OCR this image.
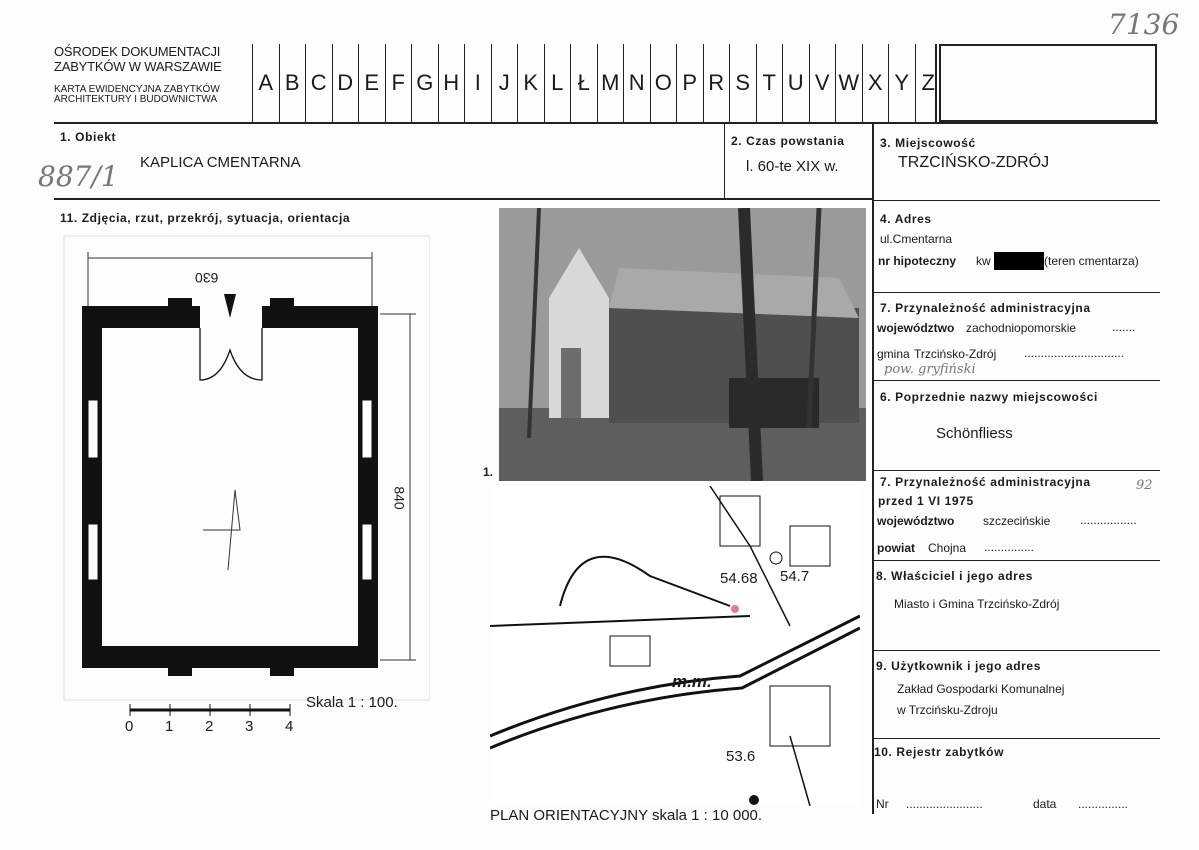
OŚRODEK DOKUMENTACJI
ZABYTKÓW W WARSZAWIE
KARTA EWIDENCYJNA ZABYTKÓW
ARCHITEKTURY I BUDOWNICTWA
A B C D E F G H I J K L Ł M N O P R S T U V W X Y Z
7136
1. Obiekt
KAPLICA CMENTARNA
887/1
2. Czas powstania
l. 60-te XIX w.
3. Miejscowość
TRZCIŃSKO-ZDRÓJ
4. Adres
ul.Cmentarna
nr hipoteczny kw	(teren cmentarza)
7. Przynależność administracyjna
województwo zachodniopomorskie	.......
gmina Trzcińsko-Zdrój ..............................
pow. gryfiński
6. Poprzednie nazwy miejscowości
Schönfliess
7. Przynależność administracyjna
przed 1 VI 1975
92
województwo szczecińskie .................
powiat Chojna ...............
8. Właściciel i jego adres
Miasto i Gmina Trzcińsko-Zdrój
9. Użytkownik i jego adres
Zakład Gospodarki Komunalnej
w Trzcińsku-Zdroju
10. Rejestr zabytków
Nr .......................	data ...............
11. Zdjęcia, rzut, przekrój, sytuacja, orientacja
630
840
Skala 1 : 100.
0 1 2 3 4
1.
54.7
54.68
m.m.
53.6
PLAN ORIENTACYJNY skala 1 : 10 000.
